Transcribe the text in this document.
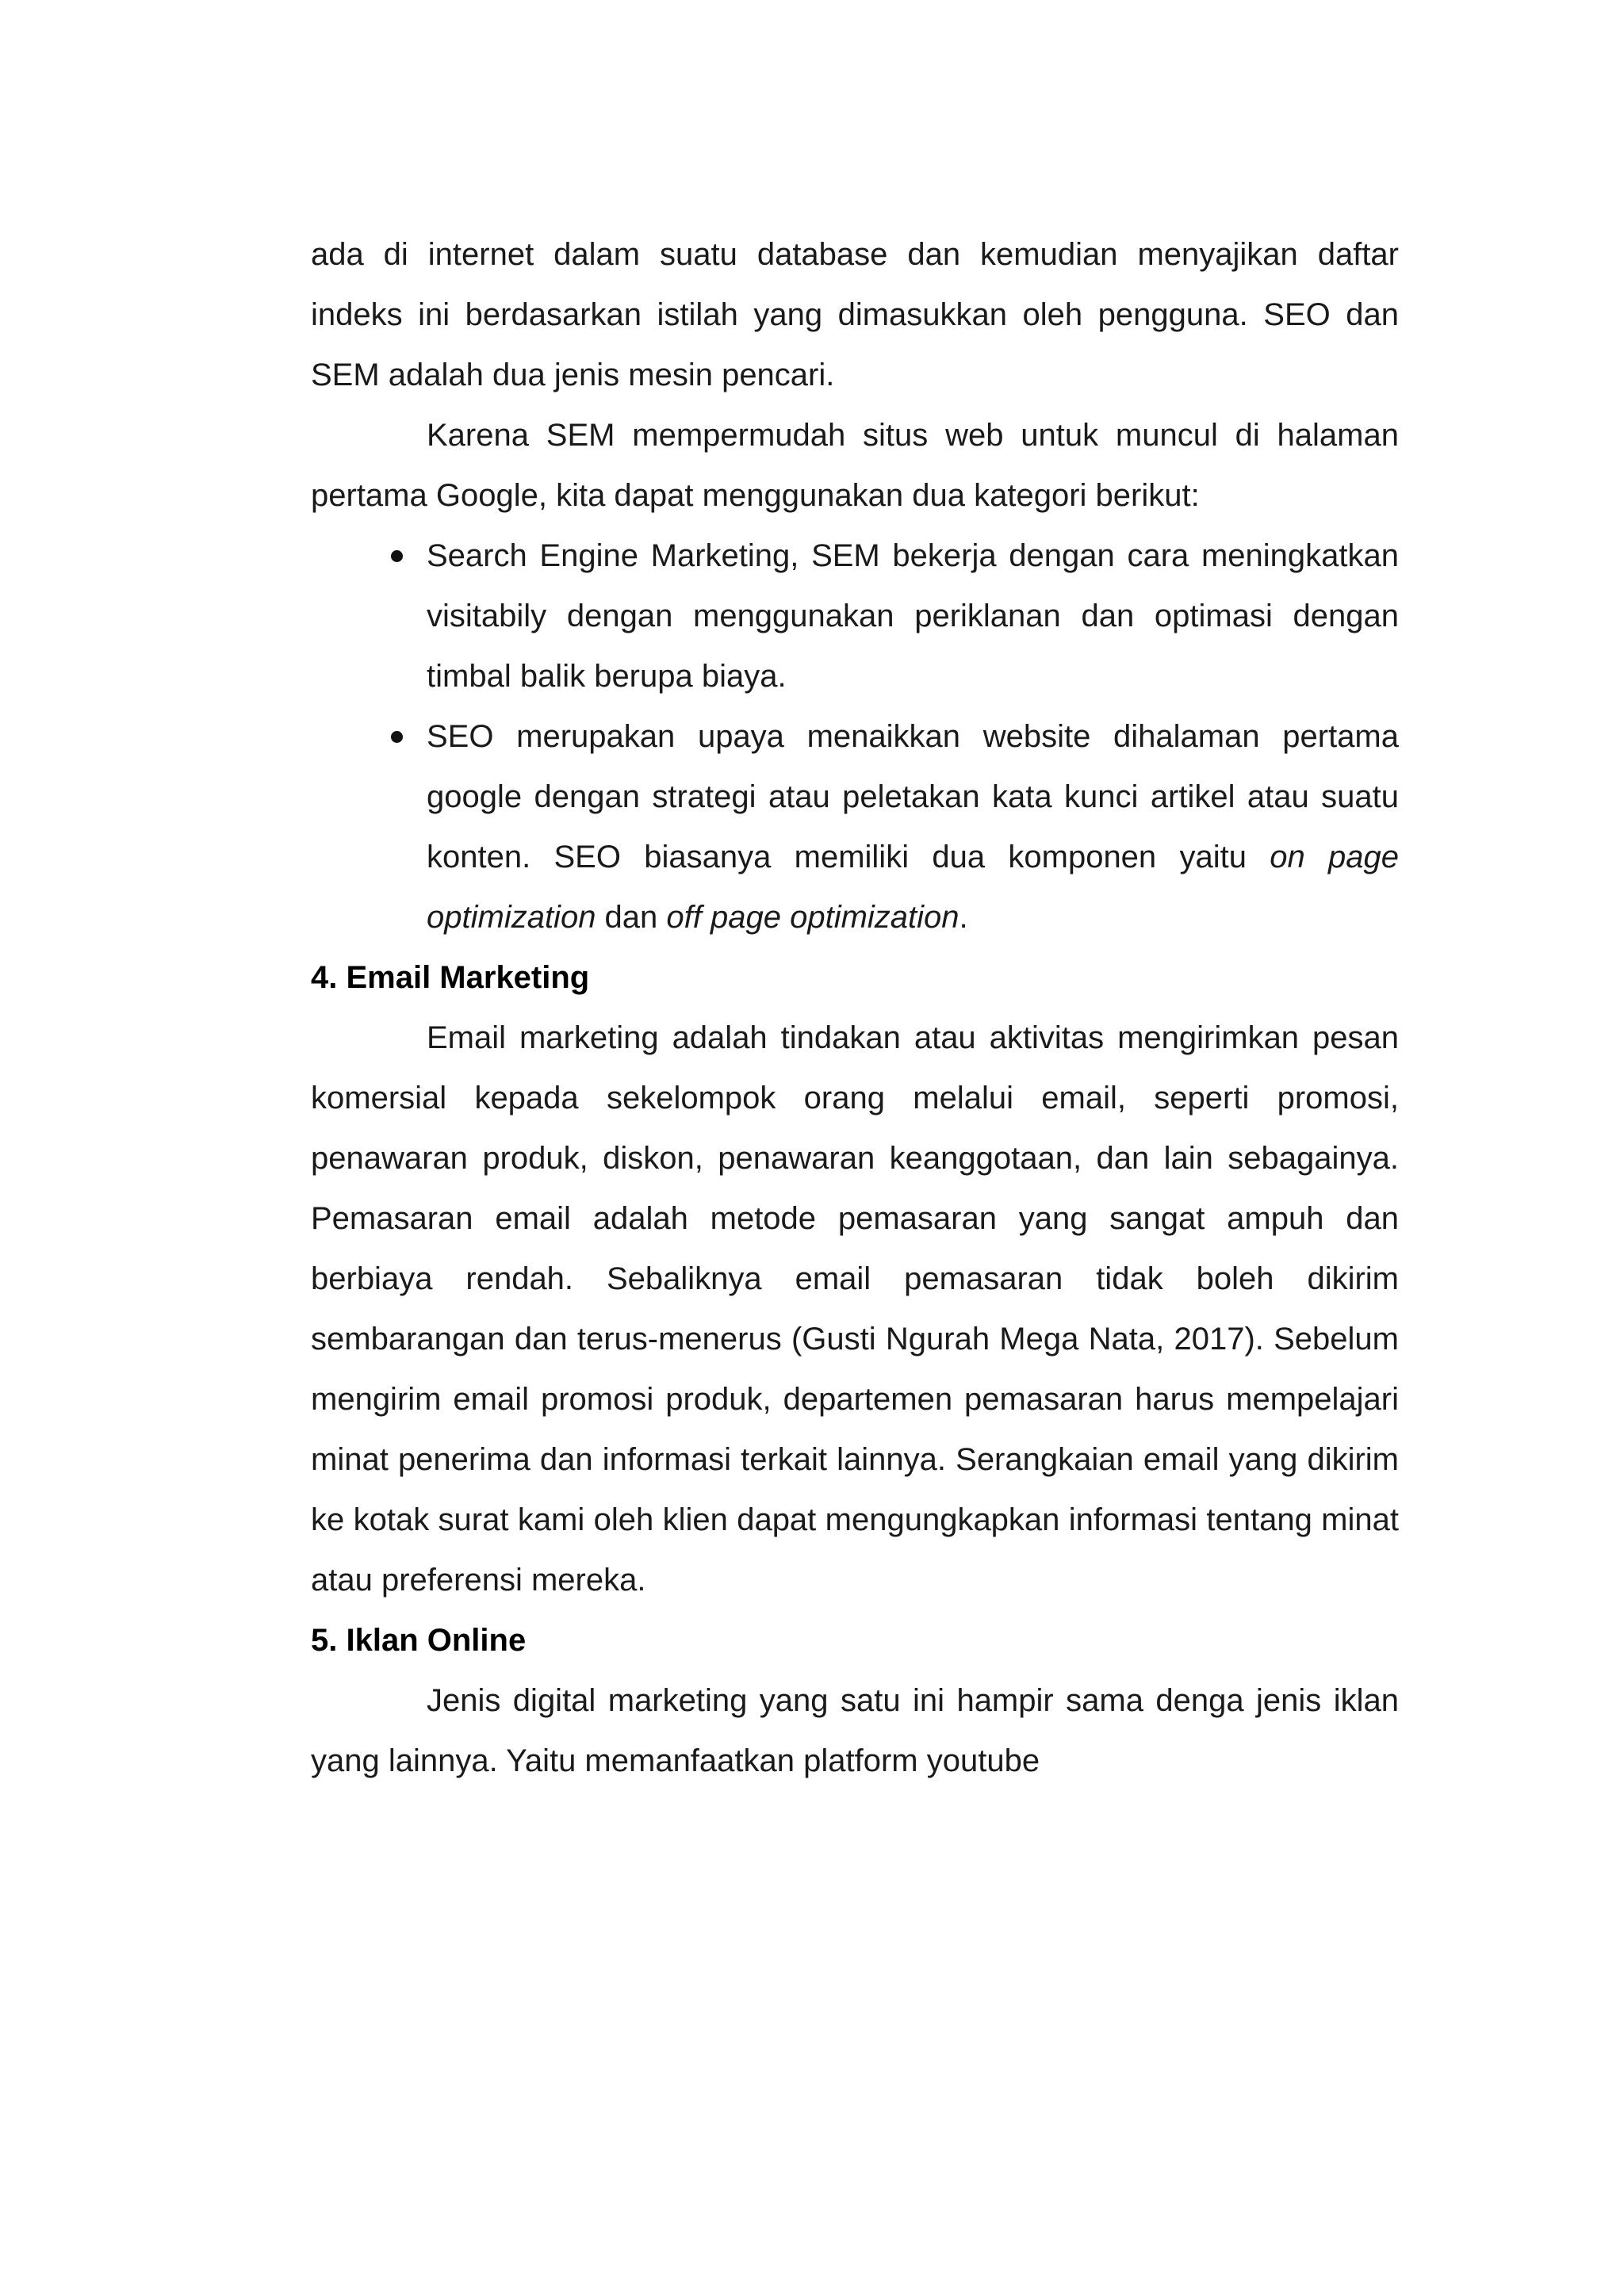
ada di internet dalam suatu database dan kemudian menyajikan daftar indeks ini berdasarkan istilah yang dimasukkan oleh pengguna. SEO dan SEM adalah dua jenis mesin pencari.

Karena SEM mempermudah situs web untuk muncul di halaman pertama Google, kita dapat menggunakan dua kategori berikut:

Search Engine Marketing, SEM bekerja dengan cara meningkatkan visitabily dengan menggunakan periklanan dan optimasi dengan timbal balik berupa biaya.
SEO merupakan upaya menaikkan website dihalaman pertama google dengan strategi atau peletakan kata kunci artikel atau suatu konten. SEO biasanya memiliki dua komponen yaitu on page optimization dan off page optimization.
4. Email Marketing

Email marketing adalah tindakan atau aktivitas mengirimkan pesan komersial kepada sekelompok orang melalui email, seperti promosi, penawaran produk, diskon, penawaran keanggotaan, dan lain sebagainya. Pemasaran email adalah metode pemasaran yang sangat ampuh dan berbiaya rendah. Sebaliknya email pemasaran tidak boleh dikirim sembarangan dan terus-menerus (Gusti Ngurah Mega Nata, 2017). Sebelum mengirim email promosi produk, departemen pemasaran harus mempelajari minat penerima dan informasi terkait lainnya. Serangkaian email yang dikirim ke kotak surat kami oleh klien dapat mengungkapkan informasi tentang minat atau preferensi mereka.

5. Iklan Online

Jenis digital marketing yang satu ini hampir sama denga jenis iklan yang lainnya. Yaitu memanfaatkan platform youtube
